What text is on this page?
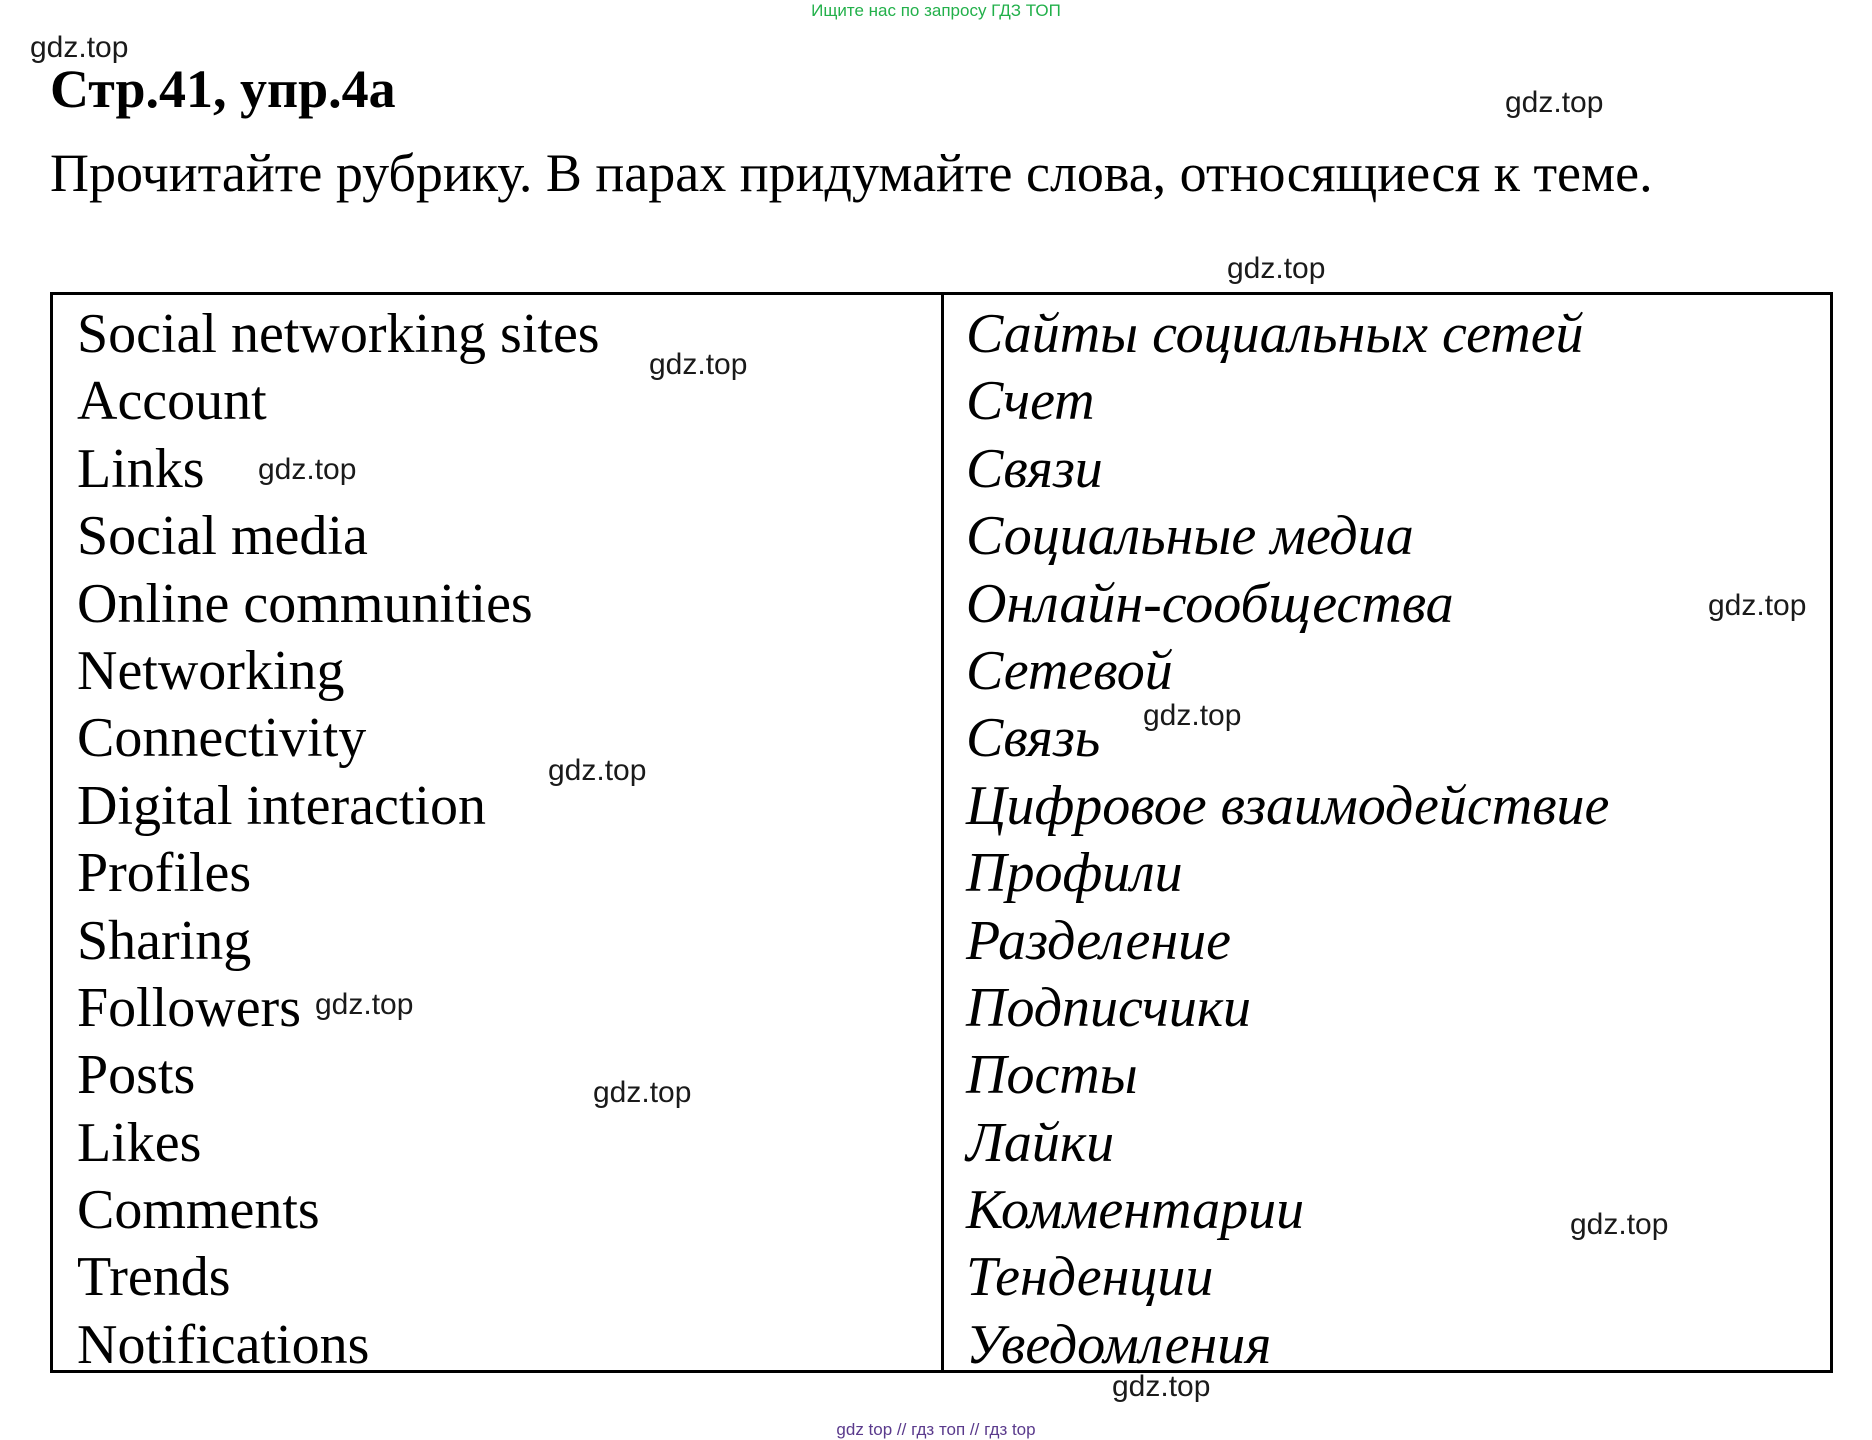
Ищите нас по запросу ГДЗ ТОП
gdz.top
gdz.top
gdz.top
Стр.41, упр.4а
Прочитайте рубрику. В парах придумайте слова, относящиеся к теме.
Social networking sites
Account
Links
Social media
Online communities
Networking
Connectivity
Digital interaction
Profiles
Sharing
Followers
Posts
Likes
Comments
Trends
Notifications
Сайты социальных сетей
Счет
Связи
Социальные медиа
Онлайн-сообщества
Сетевой
Связь
Цифровое взаимодействие
Профили
Разделение
Подписчики
Посты
Лайки
Комментарии
Тенденции
Уведомления
gdz.top
gdz.top
gdz.top
gdz.top
gdz.top
gdz.top
gdz.top
gdz.top
gdz.top
gdz top // гдз топ // гдз top
